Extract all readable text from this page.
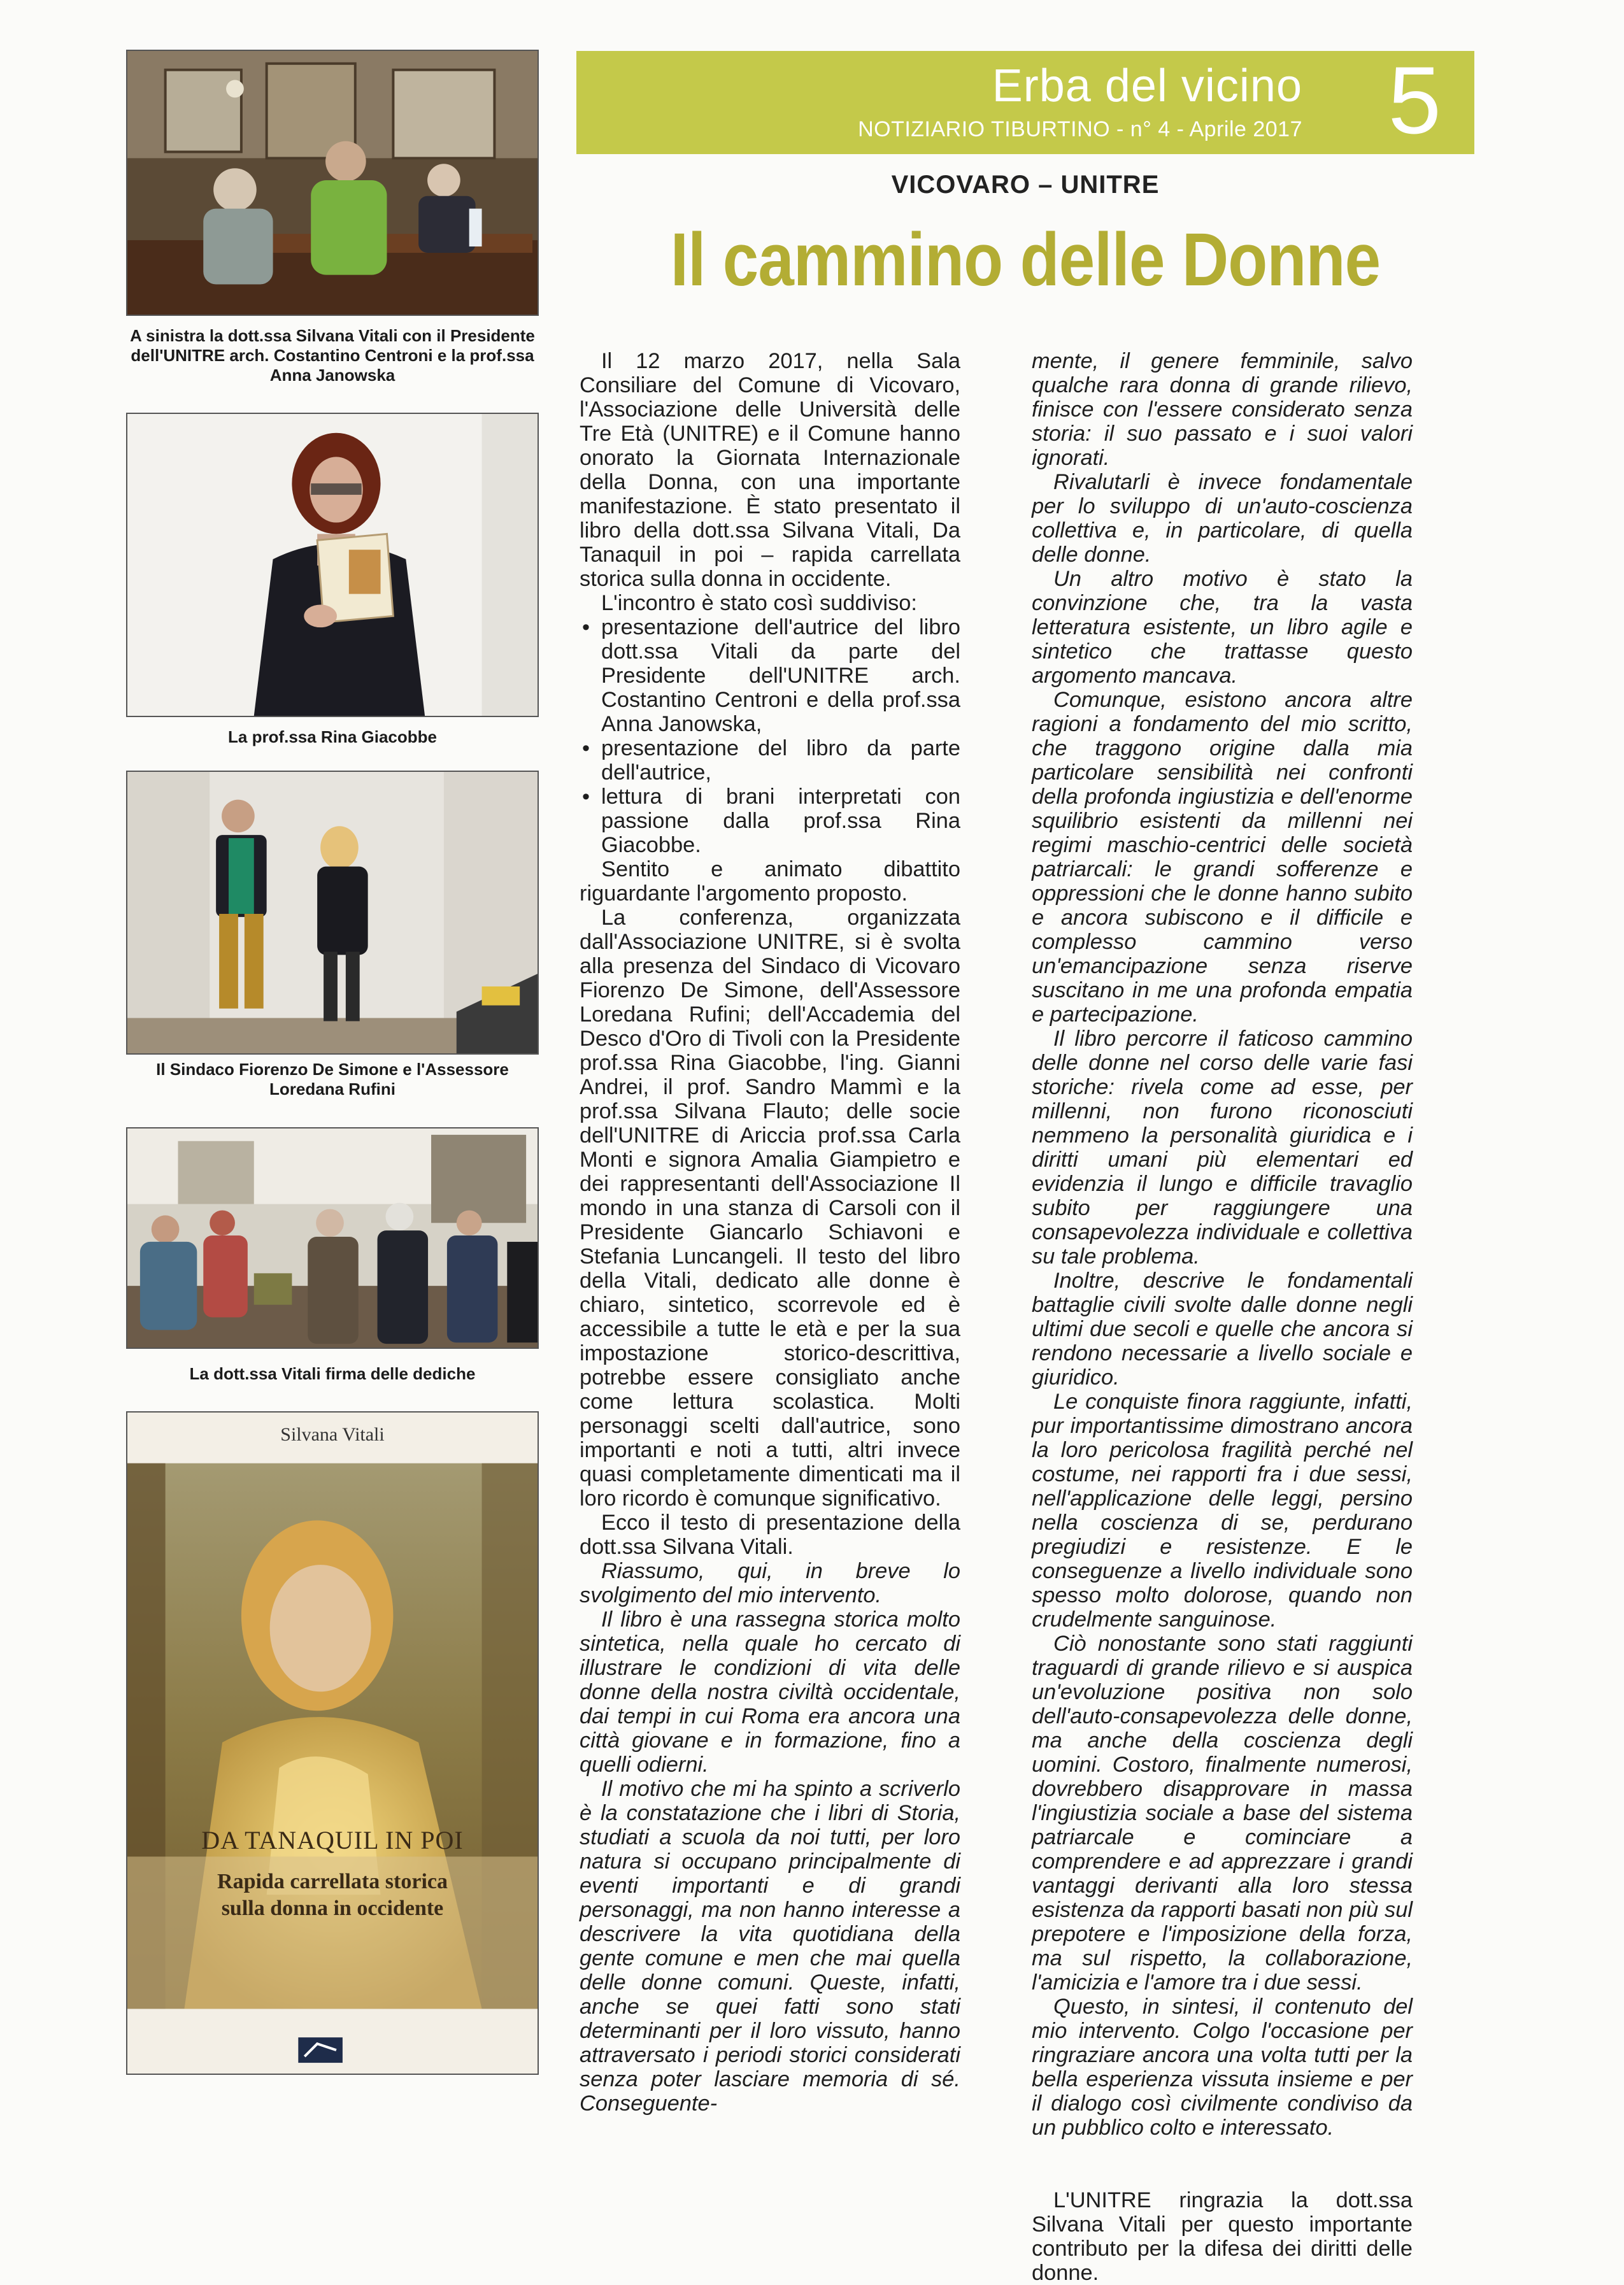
A sinistra la dott.ssa Silvana Vitali con il Presidente dell'UNITRE arch. Costantino Centroni e la prof.ssa Anna Janowska
La prof.ssa Rina Giacobbe
Il Sindaco Fiorenzo De Simone e l'Assessore Loredana Rufini
La dott.ssa Vitali firma delle dediche
Silvana Vitali
DA TANAQUIL IN POI
Rapida carrellata storica
sulla donna in occidente
Erba del vicino
NOTIZIARIO TIBURTINO - n° 4 - Aprile 2017 5
VICOVARO – UNITRE
Il cammino delle Donne

Il 12 marzo 2017, nella Sala Consiliare del Comune di Vicovaro, l'Associazione delle Università delle Tre Età (UNITRE) e il Comune hanno onorato la Giornata Internazionale della Donna, con una importante manifestazione. È stato presentato il libro della dott.ssa Silvana Vitali, Da Tanaquil in poi – rapida carrellata storica sulla donna in occidente.

L'incontro è stato così suddiviso:

• presentazione dell'autrice del libro dott.ssa Vitali da parte del Presidente dell'UNITRE arch. Costantino Centroni e della prof.ssa Anna Janowska,
• presentazione del libro da parte dell'autrice,
• lettura di brani interpretati con passione dalla prof.ssa Rina Giacobbe.

Sentito e animato dibattito riguardante l'argomento proposto.

La conferenza, organizzata dall'Associazione UNITRE, si è svolta alla presenza del Sindaco di Vicovaro Fiorenzo De Simone, dell'Assessore Loredana Rufini; dell'Accademia del Desco d'Oro di Tivoli con la Presidente prof.ssa Rina Giacobbe, l'ing. Gianni Andrei, il prof. Sandro Mammì e la prof.ssa Silvana Flauto; delle socie dell'UNITRE di Ariccia prof.ssa Carla Monti e signora Amalia Giampietro e dei rappresentanti dell'Associazione Il mondo in una stanza di Carsoli con il Presidente Giancarlo Schiavoni e Stefania Luncangeli. Il testo del libro della Vitali, dedicato alle donne è chiaro, sintetico, scorrevole ed è accessibile a tutte le età e per la sua impostazione storico-descrittiva, potrebbe essere consigliato anche come lettura scolastica. Molti personaggi scelti dall'autrice, sono importanti e noti a tutti, altri invece quasi completamente dimenticati ma il loro ricordo è comunque significativo.

Ecco il testo di presentazione della dott.ssa Silvana Vitali.

Riassumo, qui, in breve lo svolgimento del mio intervento.

Il libro è una rassegna storica molto sintetica, nella quale ho cercato di illustrare le condizioni di vita delle donne della nostra civiltà occidentale, dai tempi in cui Roma era ancora una città giovane e in formazione, fino a quelli odierni.

Il motivo che mi ha spinto a scriverlo è la constatazione che i libri di Storia, studiati a scuola da noi tutti, per loro natura si occupano principalmente di eventi importanti e di grandi personaggi, ma non hanno interesse a descrivere la vita quotidiana della gente comune e men che mai quella delle donne comuni. Queste, infatti, anche se quei fatti sono stati determinanti per il loro vissuto, hanno attraversato i periodi storici considerati senza poter lasciare memoria di sé. Conseguente-

mente, il genere femminile, salvo qualche rara donna di grande rilievo, finisce con l'essere considerato senza storia: il suo passato e i suoi valori ignorati.

Rivalutarli è invece fondamentale per lo sviluppo di un'auto-coscienza collettiva e, in particolare, di quella delle donne.

Un altro motivo è stato la convinzione che, tra la vasta letteratura esistente, un libro agile e sintetico che trattasse questo argomento mancava.

Comunque, esistono ancora altre ragioni a fondamento del mio scritto, che traggono origine dalla mia particolare sensibilità nei confronti della profonda ingiustizia e dell'enorme squilibrio esistenti da millenni nei regimi maschio-centrici delle società patriarcali: le grandi sofferenze e oppressioni che le donne hanno subito e ancora subiscono e il difficile e complesso cammino verso un'emancipazione senza riserve suscitano in me una profonda empatia e partecipazione.

Il libro percorre il faticoso cammino delle donne nel corso delle varie fasi storiche: rivela come ad esse, per millenni, non furono riconosciuti nemmeno la personalità giuridica e i diritti umani più elementari ed evidenzia il lungo e difficile travaglio subito per raggiungere una consapevolezza individuale e collettiva su tale problema.

Inoltre, descrive le fondamentali battaglie civili svolte dalle donne negli ultimi due secoli e quelle che ancora si rendono necessarie a livello sociale e giuridico.

Le conquiste finora raggiunte, infatti, pur importantissime dimostrano ancora la loro pericolosa fragilità perché nel costume, nei rapporti fra i due sessi, nell'applicazione delle leggi, persino nella coscienza di se, perdurano pregiudizi e resistenze. E le conseguenze a livello individuale sono spesso molto dolorose, quando non crudelmente sanguinose.

Ciò nonostante sono stati raggiunti traguardi di grande rilievo e si auspica un'evoluzione positiva non solo dell'auto-consapevolezza delle donne, ma anche della coscienza degli uomini. Costoro, finalmente numerosi, dovrebbero disapprovare in massa l'ingiustizia sociale a base del sistema patriarcale e cominciare a comprendere e ad apprezzare i grandi vantaggi derivanti alla loro stessa esistenza da rapporti basati non più sul prepotere e l'imposizione della forza, ma sul rispetto, la collaborazione, l'amicizia e l'amore tra i due sessi.

Questo, in sintesi, il contenuto del mio intervento. Colgo l'occasione per ringraziare ancora una volta tutti per la bella esperienza vissuta insieme e per il dialogo così civilmente condiviso da un pubblico colto e interessato.

L'UNITRE ringrazia la dott.ssa Silvana Vitali per questo importante contributo per la difesa dei diritti delle donne.
